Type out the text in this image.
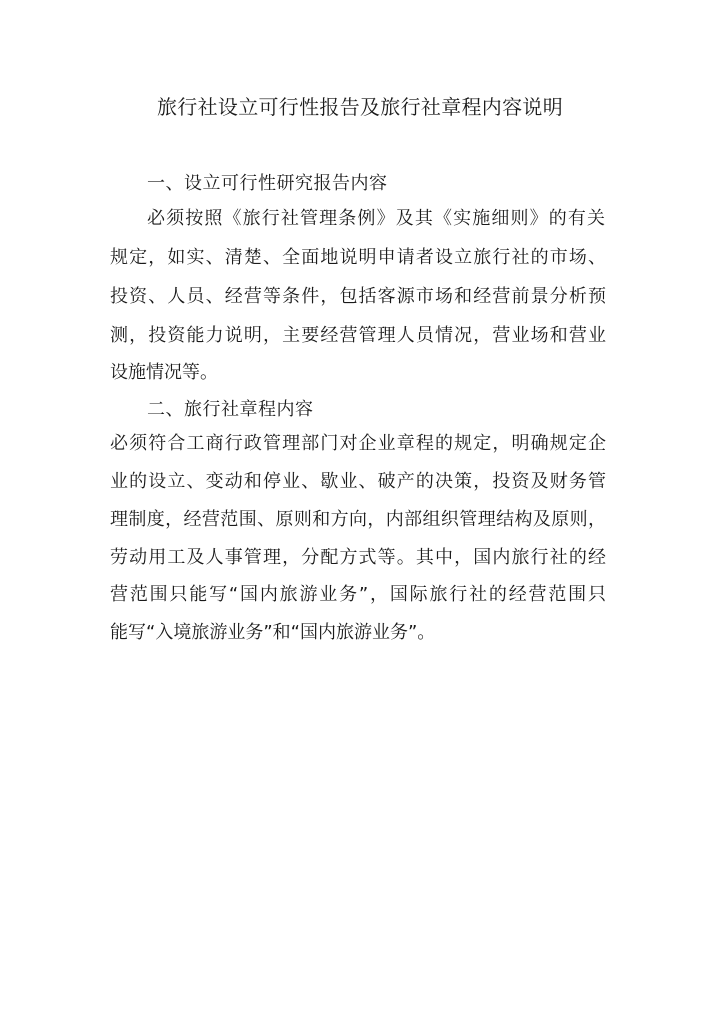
旅行社设立可行性报告及旅行社章程内容说明

一、设立可行性研究报告内容

必须按照《旅行社管理条例》及其《实施细则》的有关

规定，如实、清楚、全面地说明申请者设立旅行社的市场、

投资、人员、经营等条件，包括客源市场和经营前景分析预

测，投资能力说明，主要经营管理人员情况，营业场和营业

设施情况等。

二、旅行社章程内容

必须符合工商行政管理部门对企业章程的规定，明确规定企

业的设立、变动和停业、歇业、破产的决策，投资及财务管

理制度，经营范围、原则和方向，内部组织管理结构及原则，

劳动用工及人事管理，分配方式等。其中，国内旅行社的经

营范围只能写“国内旅游业务”，国际旅行社的经营范围只

能写“入境旅游业务”和“国内旅游业务”。
